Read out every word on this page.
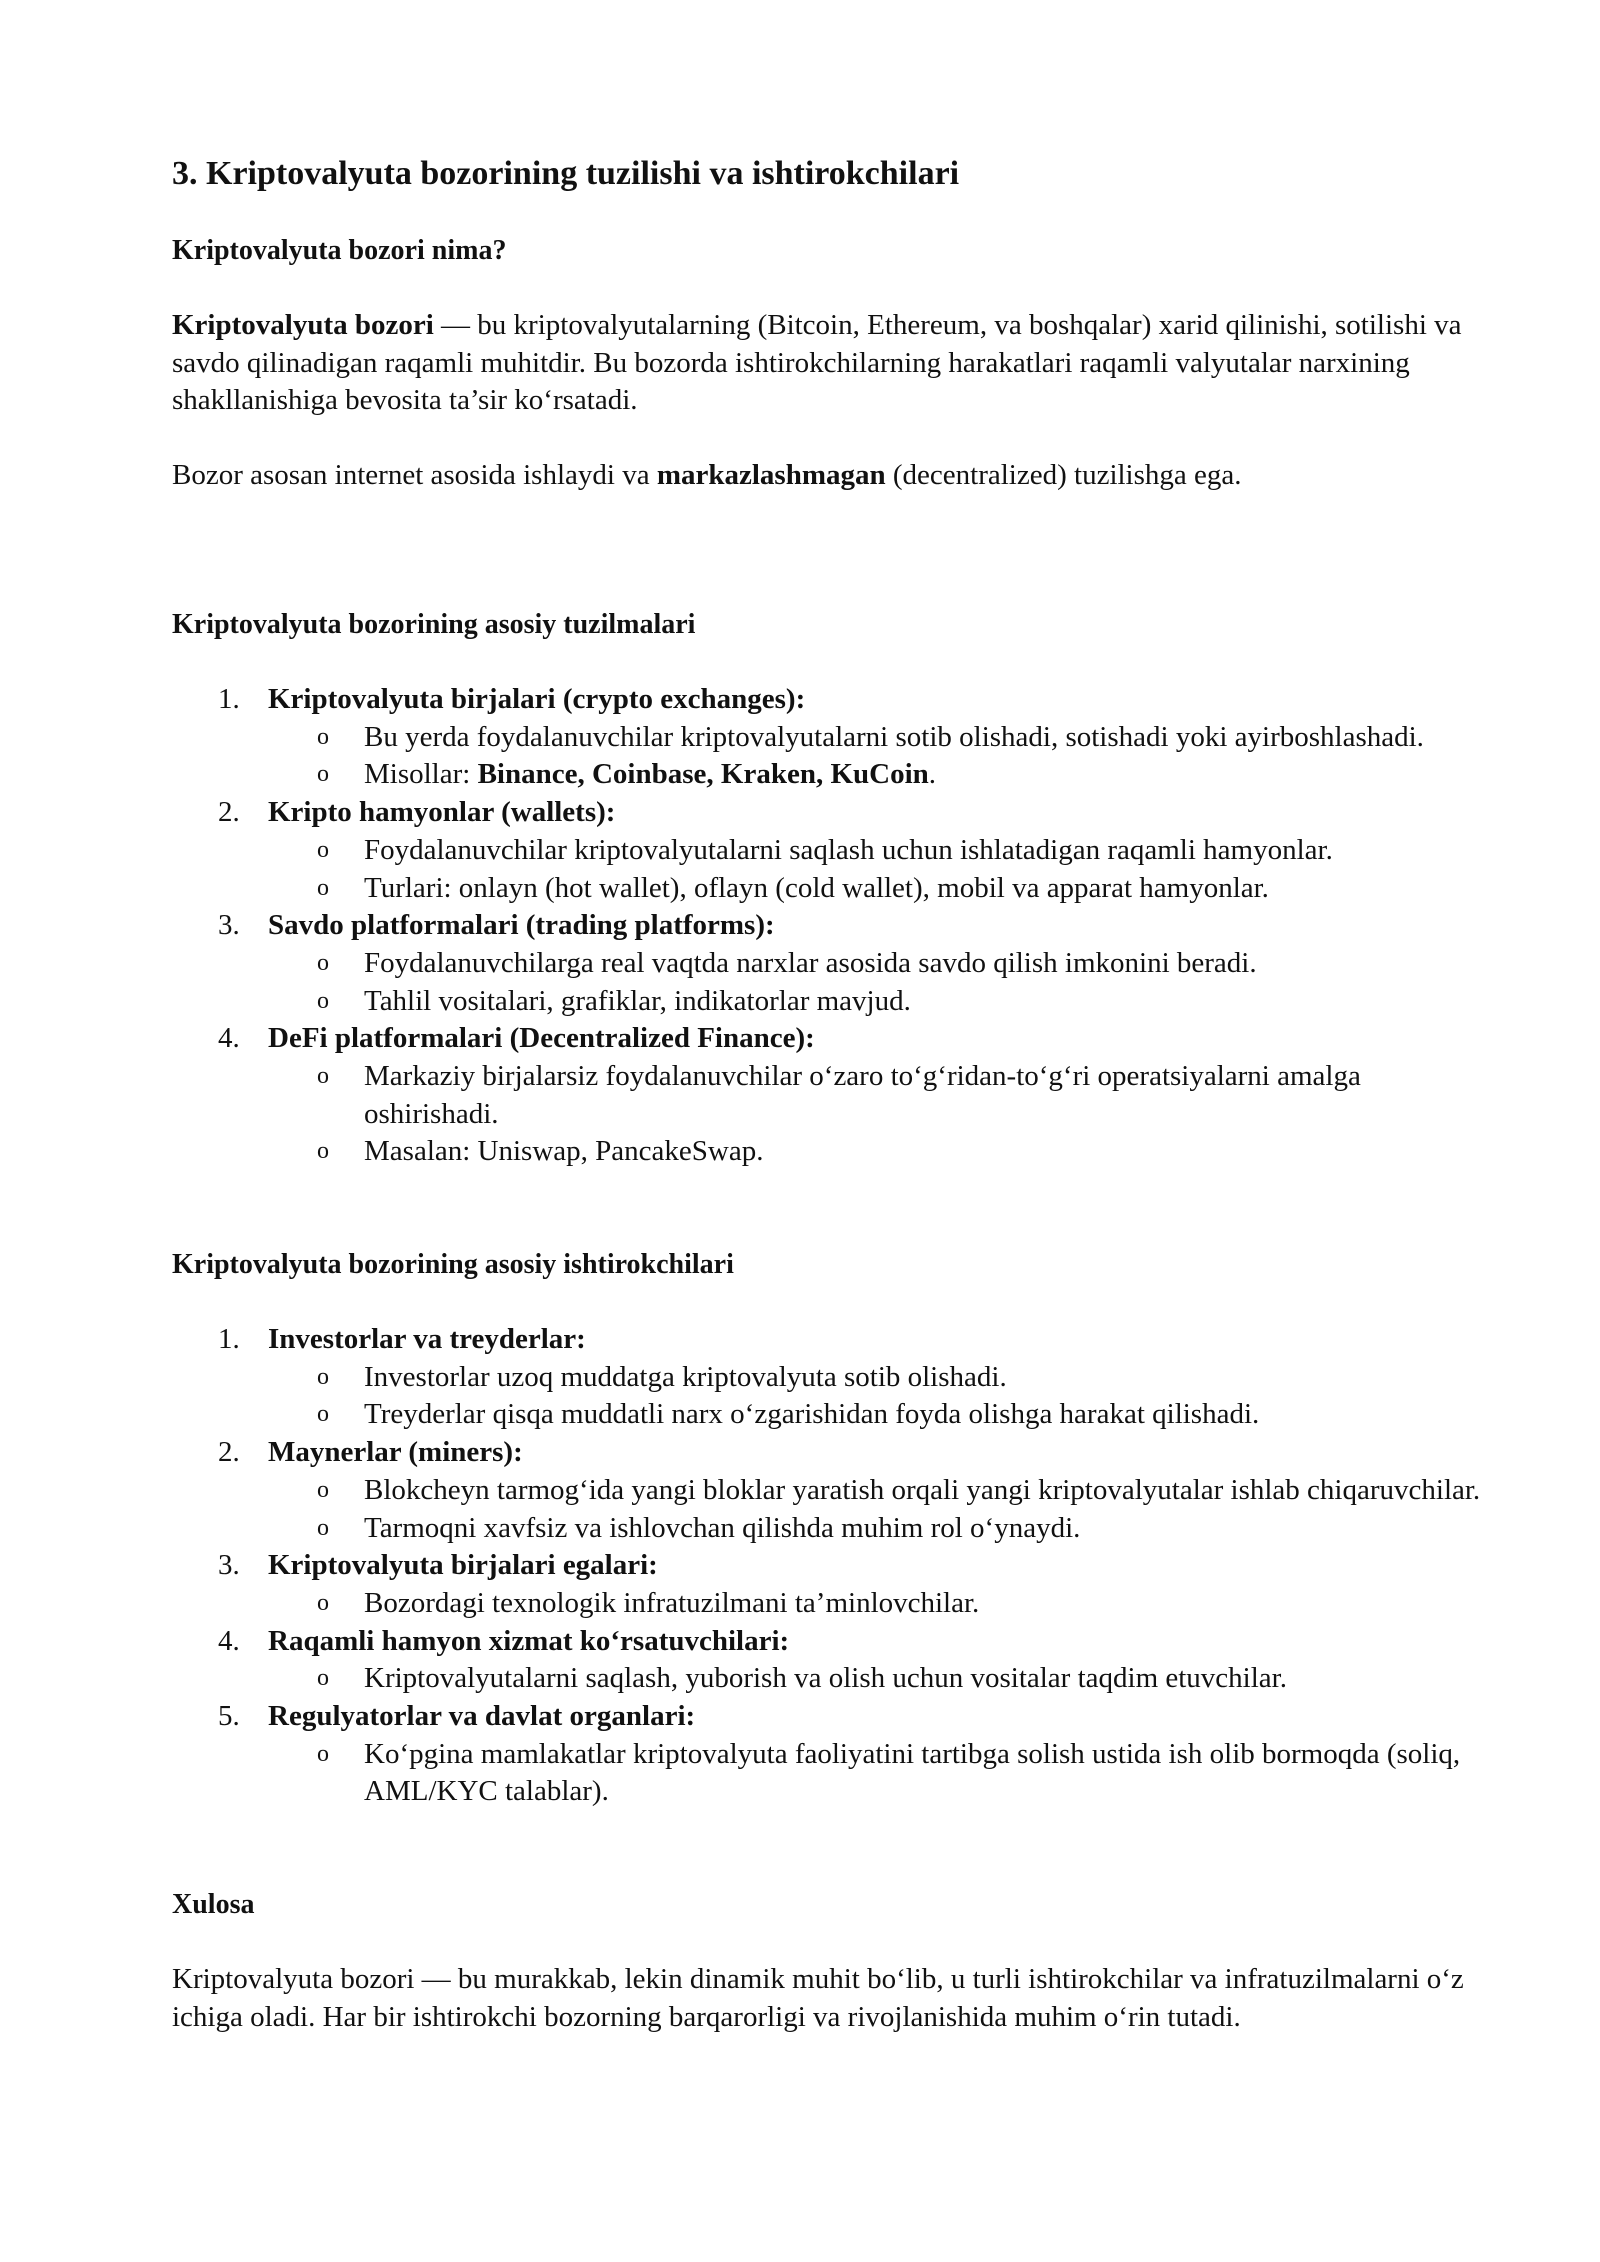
3. Kriptovalyuta bozorining tuzilishi va ishtirokchilari
Kriptovalyuta bozori nima?

Kriptovalyuta bozori — bu kriptovalyutalarning (Bitcoin, Ethereum, va boshqalar) xarid qilinishi, sotilishi va savdo qilinadigan raqamli muhitdir. Bu bozorda ishtirokchilarning harakatlari raqamli valyutalar narxining shakllanishiga bevosita ta’sir ko‘rsatadi.

Bozor asosan internet asosida ishlaydi va markazlashmagan (decentralized) tuzilishga ega.

Kriptovalyuta bozorining asosiy tuzilmalari
1. Kriptovalyuta birjalari (crypto exchanges):
o Bu yerda foydalanuvchilar kriptovalyutalarni sotib olishadi, sotishadi yoki ayirboshlashadi.
o Misollar: Binance, Coinbase, Kraken, KuCoin.
2. Kripto hamyonlar (wallets):
o Foydalanuvchilar kriptovalyutalarni saqlash uchun ishlatadigan raqamli hamyonlar.
o Turlari: onlayn (hot wallet), oflayn (cold wallet), mobil va apparat hamyonlar.
3. Savdo platformalari (trading platforms):
o Foydalanuvchilarga real vaqtda narxlar asosida savdo qilish imkonini beradi.
o Tahlil vositalari, grafiklar, indikatorlar mavjud.
4. DeFi platformalari (Decentralized Finance):
o Markaziy birjalarsiz foydalanuvchilar o‘zaro to‘g‘ridan-to‘g‘ri operatsiyalarni amalga oshirishadi.
o Masalan: Uniswap, PancakeSwap.
Kriptovalyuta bozorining asosiy ishtirokchilari
1. Investorlar va treyderlar:
o Investorlar uzoq muddatga kriptovalyuta sotib olishadi.
o Treyderlar qisqa muddatli narx o‘zgarishidan foyda olishga harakat qilishadi.
2. Maynerlar (miners):
o Blokcheyn tarmog‘ida yangi bloklar yaratish orqali yangi kriptovalyutalar ishlab chiqaruvchilar.
o Tarmoqni xavfsiz va ishlovchan qilishda muhim rol o‘ynaydi.
3. Kriptovalyuta birjalari egalari:
o Bozordagi texnologik infratuzilmani ta’minlovchilar.
4. Raqamli hamyon xizmat ko‘rsatuvchilari:
o Kriptovalyutalarni saqlash, yuborish va olish uchun vositalar taqdim etuvchilar.
5. Regulyatorlar va davlat organlari:
o Ko‘pgina mamlakatlar kriptovalyuta faoliyatini tartibga solish ustida ish olib bormoqda (soliq, AML/KYC talablar).
Xulosa

Kriptovalyuta bozori — bu murakkab, lekin dinamik muhit bo‘lib, u turli ishtirokchilar va infratuzilmalarni o‘z ichiga oladi. Har bir ishtirokchi bozorning barqarorligi va rivojlanishida muhim o‘rin tutadi.
